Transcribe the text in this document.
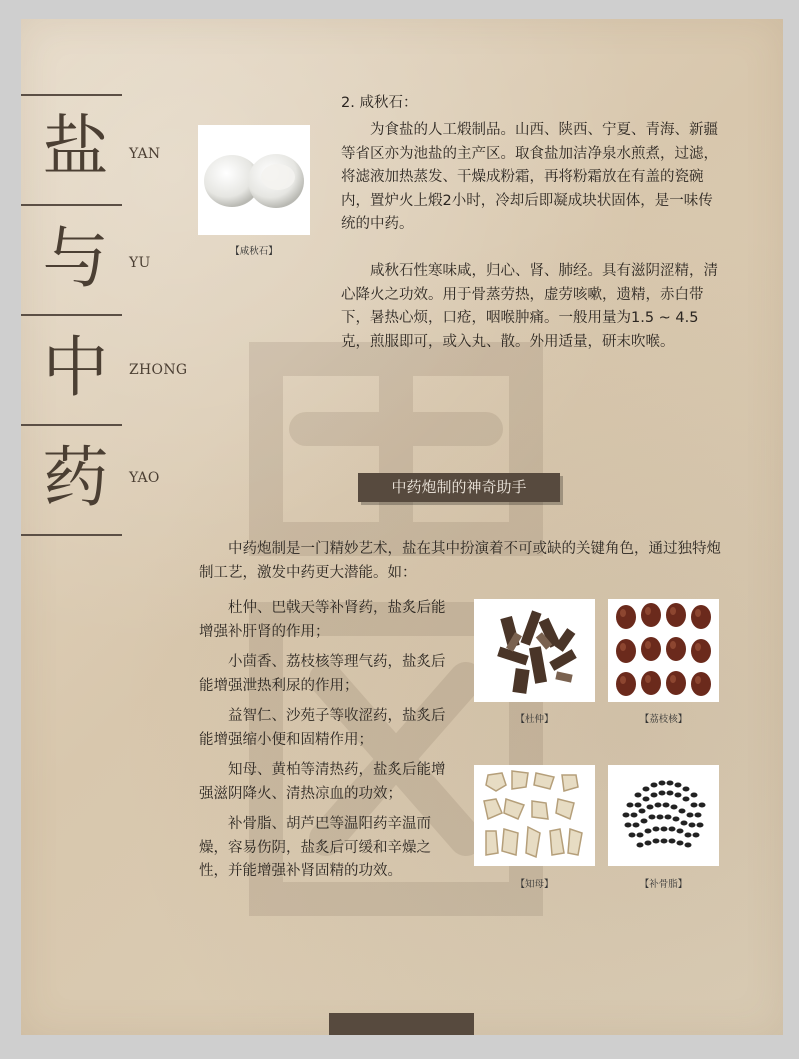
盐	YAN
与	YU
中	ZHONG
药	YAO
【咸秋石】
2. 咸秋石：

为食盐的人工煅制品。山西、陕西、宁夏、青海、新疆等省区亦为池盐的主产区。取食盐加洁净泉水煎煮，过滤，将滤液加热蒸发、干燥成粉霜，再将粉霜放在有盖的瓷碗内，置炉火上煅2小时，冷却后即凝成块状固体，是一味传统的中药。

咸秋石性寒味咸，归心、肾、肺经。具有滋阴涩精，清心降火之功效。用于骨蒸劳热，虚劳咳嗽，遗精，赤白带下，暑热心烦，口疮，咽喉肿痛。一般用量为1.5 ~ 4.5克，煎服即可，或入丸、散。外用适量，研末吹喉。

中药炮制的神奇助手

中药炮制是一门精妙艺术，盐在其中扮演着不可或缺的关键角色，通过独特炮制工艺，激发中药更大潜能。如：

杜仲、巴戟天等补肾药，盐炙后能增强补肝肾的作用；

小茴香、荔枝核等理气药，盐炙后能增强泄热利尿的作用；

益智仁、沙苑子等收涩药，盐炙后能增强缩小便和固精作用；

知母、黄柏等清热药，盐炙后能增强滋阴降火、清热凉血的功效；

补骨脂、胡芦巴等温阳药辛温而燥，容易伤阴，盐炙后可缓和辛燥之性，并能增强补肾固精的功效。

【杜仲】	【荔枝核】
【知母】	【补骨脂】
